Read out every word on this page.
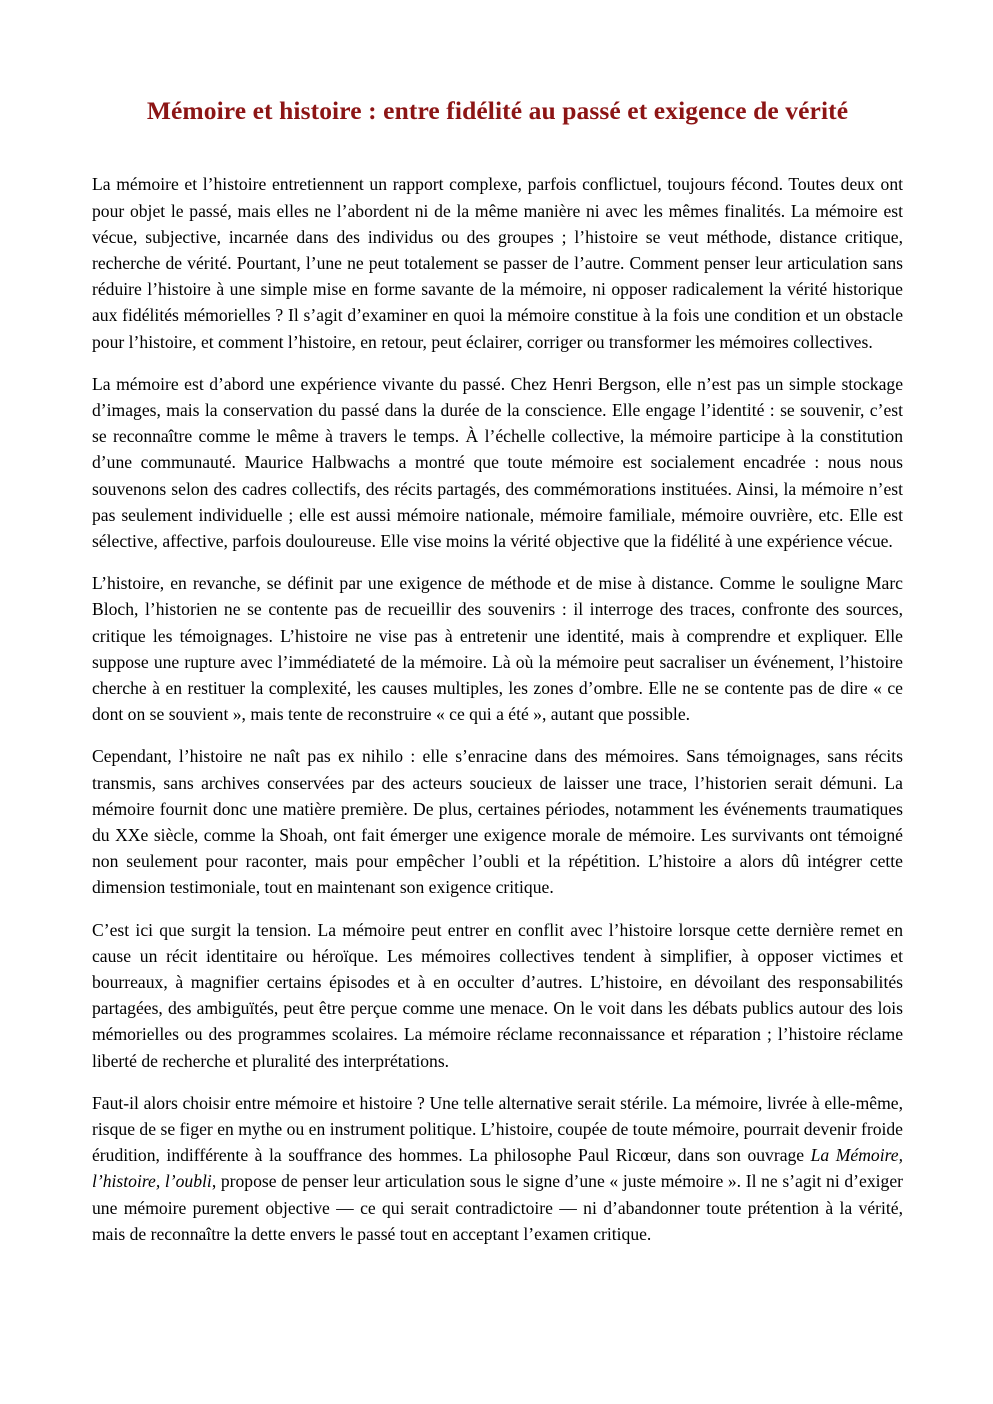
Mémoire et histoire : entre fidélité au passé et exigence de vérité

La mémoire et l’histoire entretiennent un rapport complexe, parfois conflictuel, toujours fécond. Toutes deux ont pour objet le passé, mais elles ne l’abordent ni de la même manière ni avec les mêmes finalités. La mémoire est vécue, subjective, incarnée dans des individus ou des groupes ; l’histoire se veut méthode, distance critique, recherche de vérité. Pourtant, l’une ne peut totalement se passer de l’autre. Comment penser leur articulation sans réduire l’histoire à une simple mise en forme savante de la mémoire, ni opposer radicalement la vérité historique aux fidélités mémorielles ? Il s’agit d’examiner en quoi la mémoire constitue à la fois une condition et un obstacle pour l’histoire, et comment l’histoire, en retour, peut éclairer, corriger ou transformer les mémoires collectives.

La mémoire est d’abord une expérience vivante du passé. Chez Henri Bergson, elle n’est pas un simple stockage d’images, mais la conservation du passé dans la durée de la conscience. Elle engage l’identité : se souvenir, c’est se reconnaître comme le même à travers le temps. À l’échelle collective, la mémoire participe à la constitution d’une communauté. Maurice Halbwachs a montré que toute mémoire est socialement encadrée : nous nous souvenons selon des cadres collectifs, des récits partagés, des commémorations instituées. Ainsi, la mémoire n’est pas seulement individuelle ; elle est aussi mémoire nationale, mémoire familiale, mémoire ouvrière, etc. Elle est sélective, affective, parfois douloureuse. Elle vise moins la vérité objective que la fidélité à une expérience vécue.

L’histoire, en revanche, se définit par une exigence de méthode et de mise à distance. Comme le souligne Marc Bloch, l’historien ne se contente pas de recueillir des souvenirs : il interroge des traces, confronte des sources, critique les témoignages. L’histoire ne vise pas à entretenir une identité, mais à comprendre et expliquer. Elle suppose une rupture avec l’immédiateté de la mémoire. Là où la mémoire peut sacraliser un événement, l’histoire cherche à en restituer la complexité, les causes multiples, les zones d’ombre. Elle ne se contente pas de dire « ce dont on se souvient », mais tente de reconstruire « ce qui a été », autant que possible.

Cependant, l’histoire ne naît pas ex nihilo : elle s’enracine dans des mémoires. Sans témoignages, sans récits transmis, sans archives conservées par des acteurs soucieux de laisser une trace, l’historien serait démuni. La mémoire fournit donc une matière première. De plus, certaines périodes, notamment les événements traumatiques du XXe siècle, comme la Shoah, ont fait émerger une exigence morale de mémoire. Les survivants ont témoigné non seulement pour raconter, mais pour empêcher l’oubli et la répétition. L’histoire a alors dû intégrer cette dimension testimoniale, tout en maintenant son exigence critique.

C’est ici que surgit la tension. La mémoire peut entrer en conflit avec l’histoire lorsque cette dernière remet en cause un récit identitaire ou héroïque. Les mémoires collectives tendent à simplifier, à opposer victimes et bourreaux, à magnifier certains épisodes et à en occulter d’autres. L’histoire, en dévoilant des responsabilités partagées, des ambiguïtés, peut être perçue comme une menace. On le voit dans les débats publics autour des lois mémorielles ou des programmes scolaires. La mémoire réclame reconnaissance et réparation ; l’histoire réclame liberté de recherche et pluralité des interprétations.

Faut-il alors choisir entre mémoire et histoire ? Une telle alternative serait stérile. La mémoire, livrée à elle-même, risque de se figer en mythe ou en instrument politique. L’histoire, coupée de toute mémoire, pourrait devenir froide érudition, indifférente à la souffrance des hommes. La philosophe Paul Ricœur, dans son ouvrage La Mémoire, l’histoire, l’oubli, propose de penser leur articulation sous le signe d’une « juste mémoire ». Il ne s’agit ni d’exiger une mémoire purement objective — ce qui serait contradictoire — ni d’abandonner toute prétention à la vérité, mais de reconnaître la dette envers le passé tout en acceptant l’examen critique.
